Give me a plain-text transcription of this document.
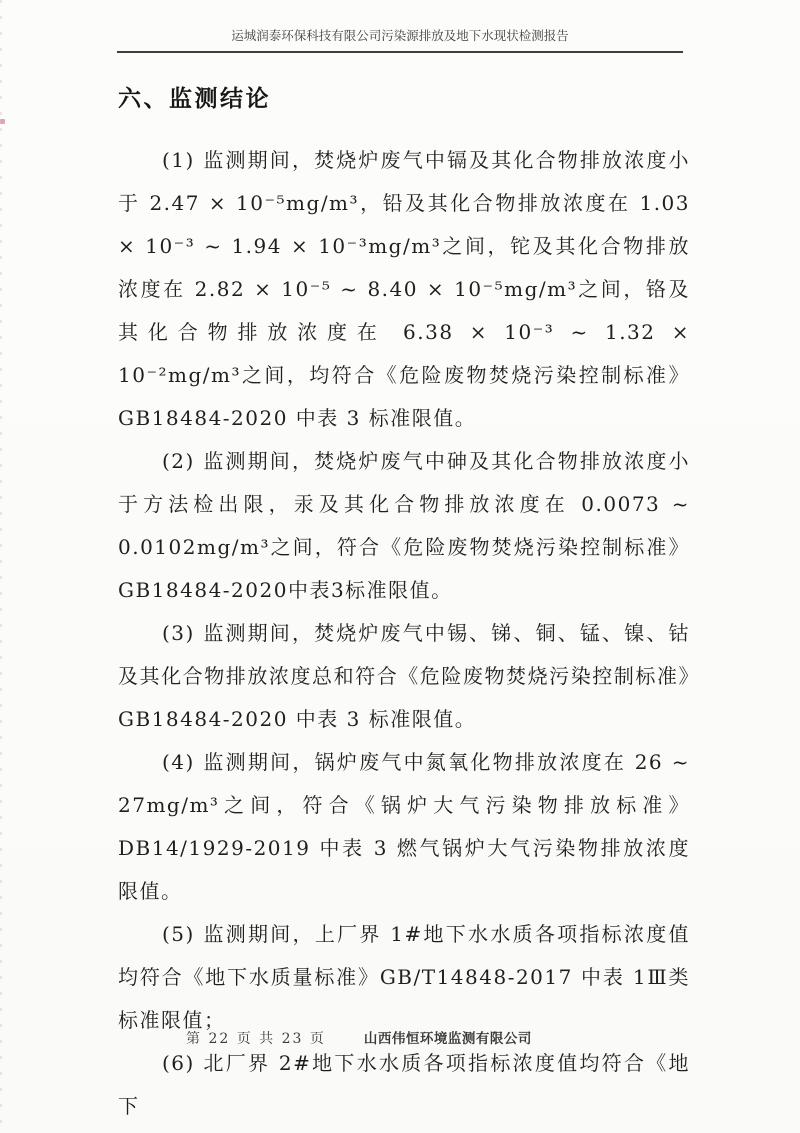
运城润泰环保科技有限公司污染源排放及地下水现状检测报告
六、监测结论

(1) 监测期间，焚烧炉废气中镉及其化合物排放浓度小于 2.47 × 10⁻⁵mg/m³，铅及其化合物排放浓度在 1.03 × 10⁻³ ~ 1.94 × 10⁻³mg/m³之间，铊及其化合物排放浓度在 2.82 × 10⁻⁵ ~ 8.40 × 10⁻⁵mg/m³之间，铬及其化合物排放浓度在 6.38 × 10⁻³ ~ 1.32 × 10⁻²mg/m³之间，均符合《危险废物焚烧污染控制标准》GB18484-2020 中表 3 标准限值。

(2) 监测期间，焚烧炉废气中砷及其化合物排放浓度小于方法检出限，汞及其化合物排放浓度在 0.0073 ~ 0.0102mg/m³之间，符合《危险废物焚烧污染控制标准》GB18484-2020中表3标准限值。

(3) 监测期间，焚烧炉废气中锡、锑、铜、锰、镍、钴及其化合物排放浓度总和符合《危险废物焚烧污染控制标准》GB18484-2020 中表 3 标准限值。

(4) 监测期间，锅炉废气中氮氧化物排放浓度在 26 ~ 27mg/m³之间，符合《锅炉大气污染物排放标准》DB14/1929-2019 中表 3 燃气锅炉大气污染物排放浓度限值。

(5) 监测期间，上厂界 1#地下水水质各项指标浓度值均符合《地下水质量标准》GB/T14848-2017 中表 1Ⅲ类标准限值；

(6) 北厂界 2#地下水水质各项指标浓度值均符合《地下

第 22 页 共 23 页	山西伟恒环境监测有限公司
